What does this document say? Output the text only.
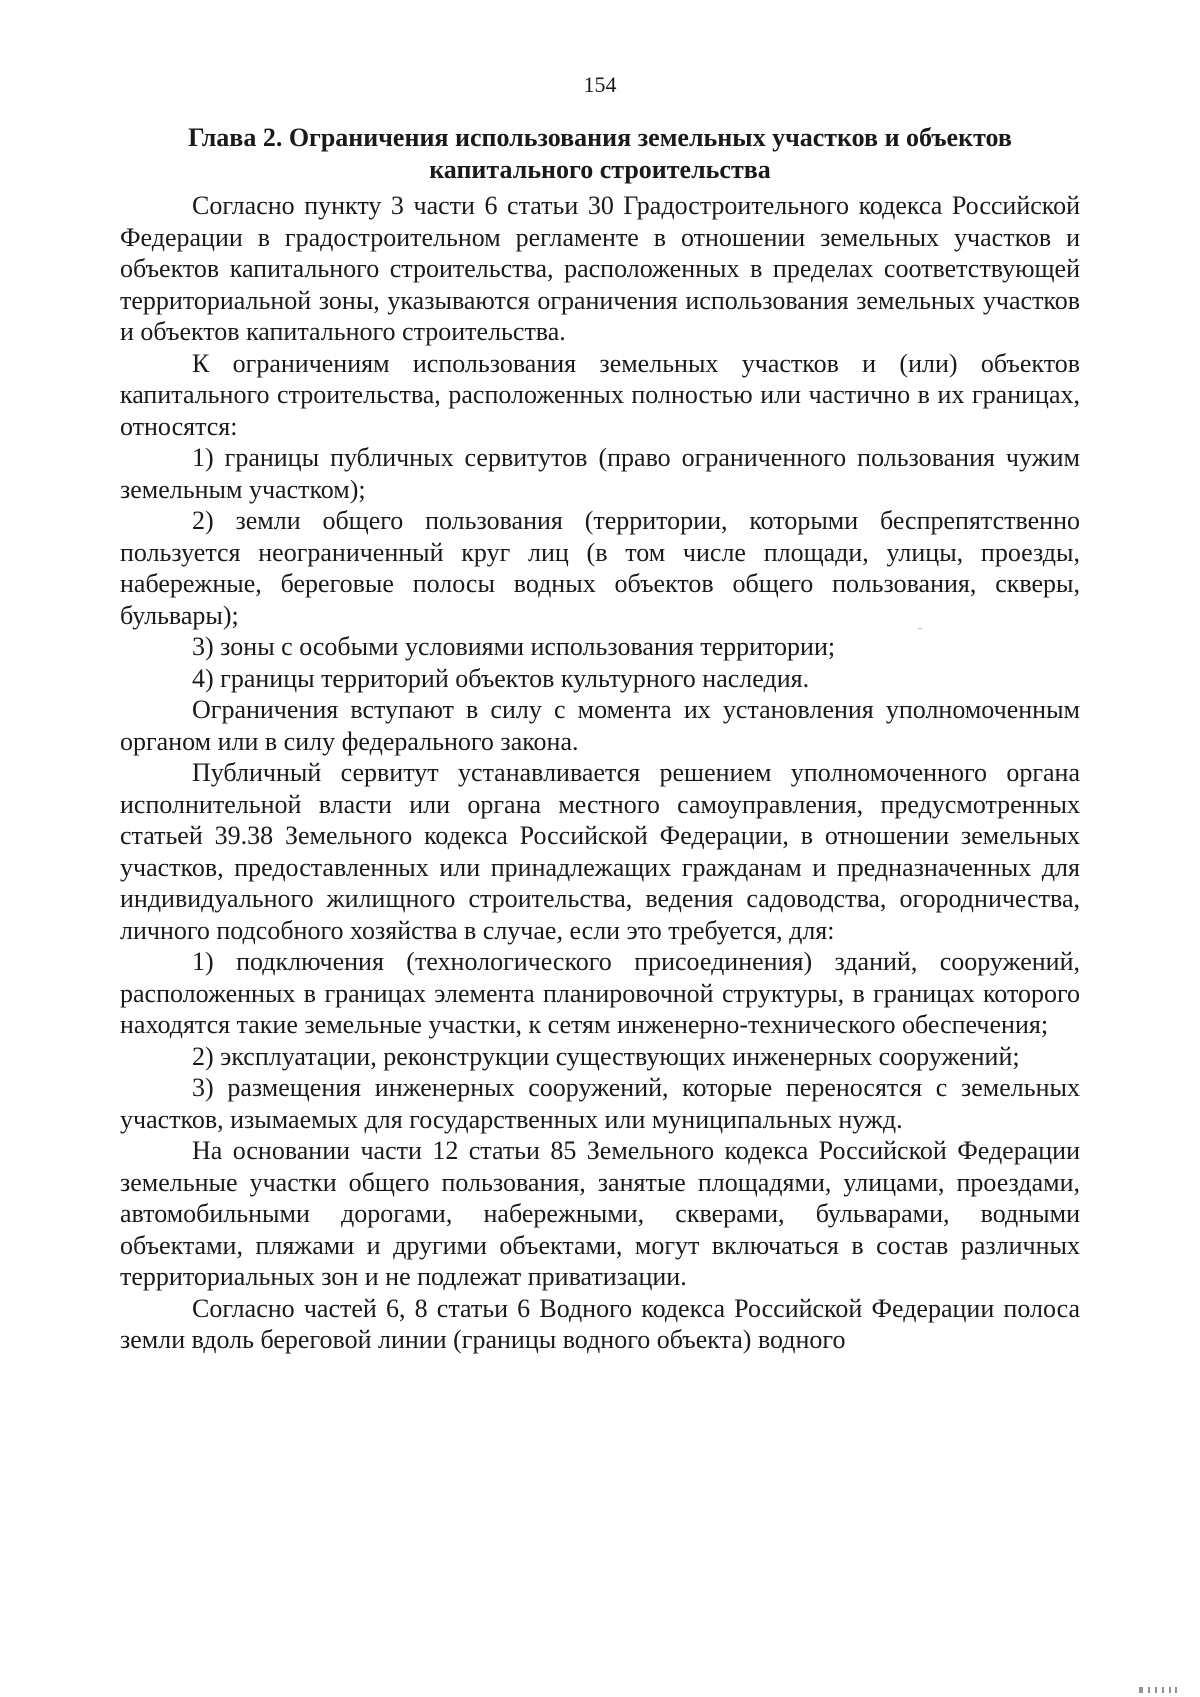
154
Глава 2. Ограничения использования земельных участков и объектов
капитального строительства

Согласно пункту 3 части 6 статьи 30 Градостроительного кодекса Российской Федерации в градостроительном регламенте в отношении земельных участков и объектов капитального строительства, расположенных в пределах соответствующей территориальной зоны, указываются ограничения использования земельных участков и объектов капитального строительства.

К ограничениям использования земельных участков и (или) объектов капитального строительства, расположенных полностью или частично в их границах, относятся:

1) границы публичных сервитутов (право ограниченного пользования чужим земельным участком);

2) земли общего пользования (территории, которыми беспрепятственно пользуется неограниченный круг лиц (в том числе площади, улицы, проезды, набережные, береговые полосы водных объектов общего пользования, скверы, бульвары);

3) зоны с особыми условиями использования территории;

4) границы территорий объектов культурного наследия.

Ограничения вступают в силу с момента их установления уполномоченным органом или в силу федерального закона.

Публичный сервитут устанавливается решением уполномоченного органа исполнительной власти или органа местного самоуправления, предусмотренных статьей 39.38 Земельного кодекса Российской Федерации, в отношении земельных участков, предоставленных или принадлежащих гражданам и предназначенных для индивидуального жилищного строительства, ведения садоводства, огородничества, личного подсобного хозяйства в случае, если это требуется, для:

1) подключения (технологического присоединения) зданий, сооружений, расположенных в границах элемента планировочной структуры, в границах которого находятся такие земельные участки, к сетям инженерно-технического обеспечения;

2) эксплуатации, реконструкции существующих инженерных сооружений;

3) размещения инженерных сооружений, которые переносятся с земельных участков, изымаемых для государственных или муниципальных нужд.

На основании части 12 статьи 85 Земельного кодекса Российской Федерации земельные участки общего пользования, занятые площадями, улицами, проездами, автомобильными дорогами, набережными, скверами, бульварами, водными объектами, пляжами и другими объектами, могут включаться в состав различных территориальных зон и не подлежат приватизации.

Согласно частей 6, 8 статьи 6 Водного кодекса Российской Федерации полоса земли вдоль береговой линии (границы водного объекта) водного
